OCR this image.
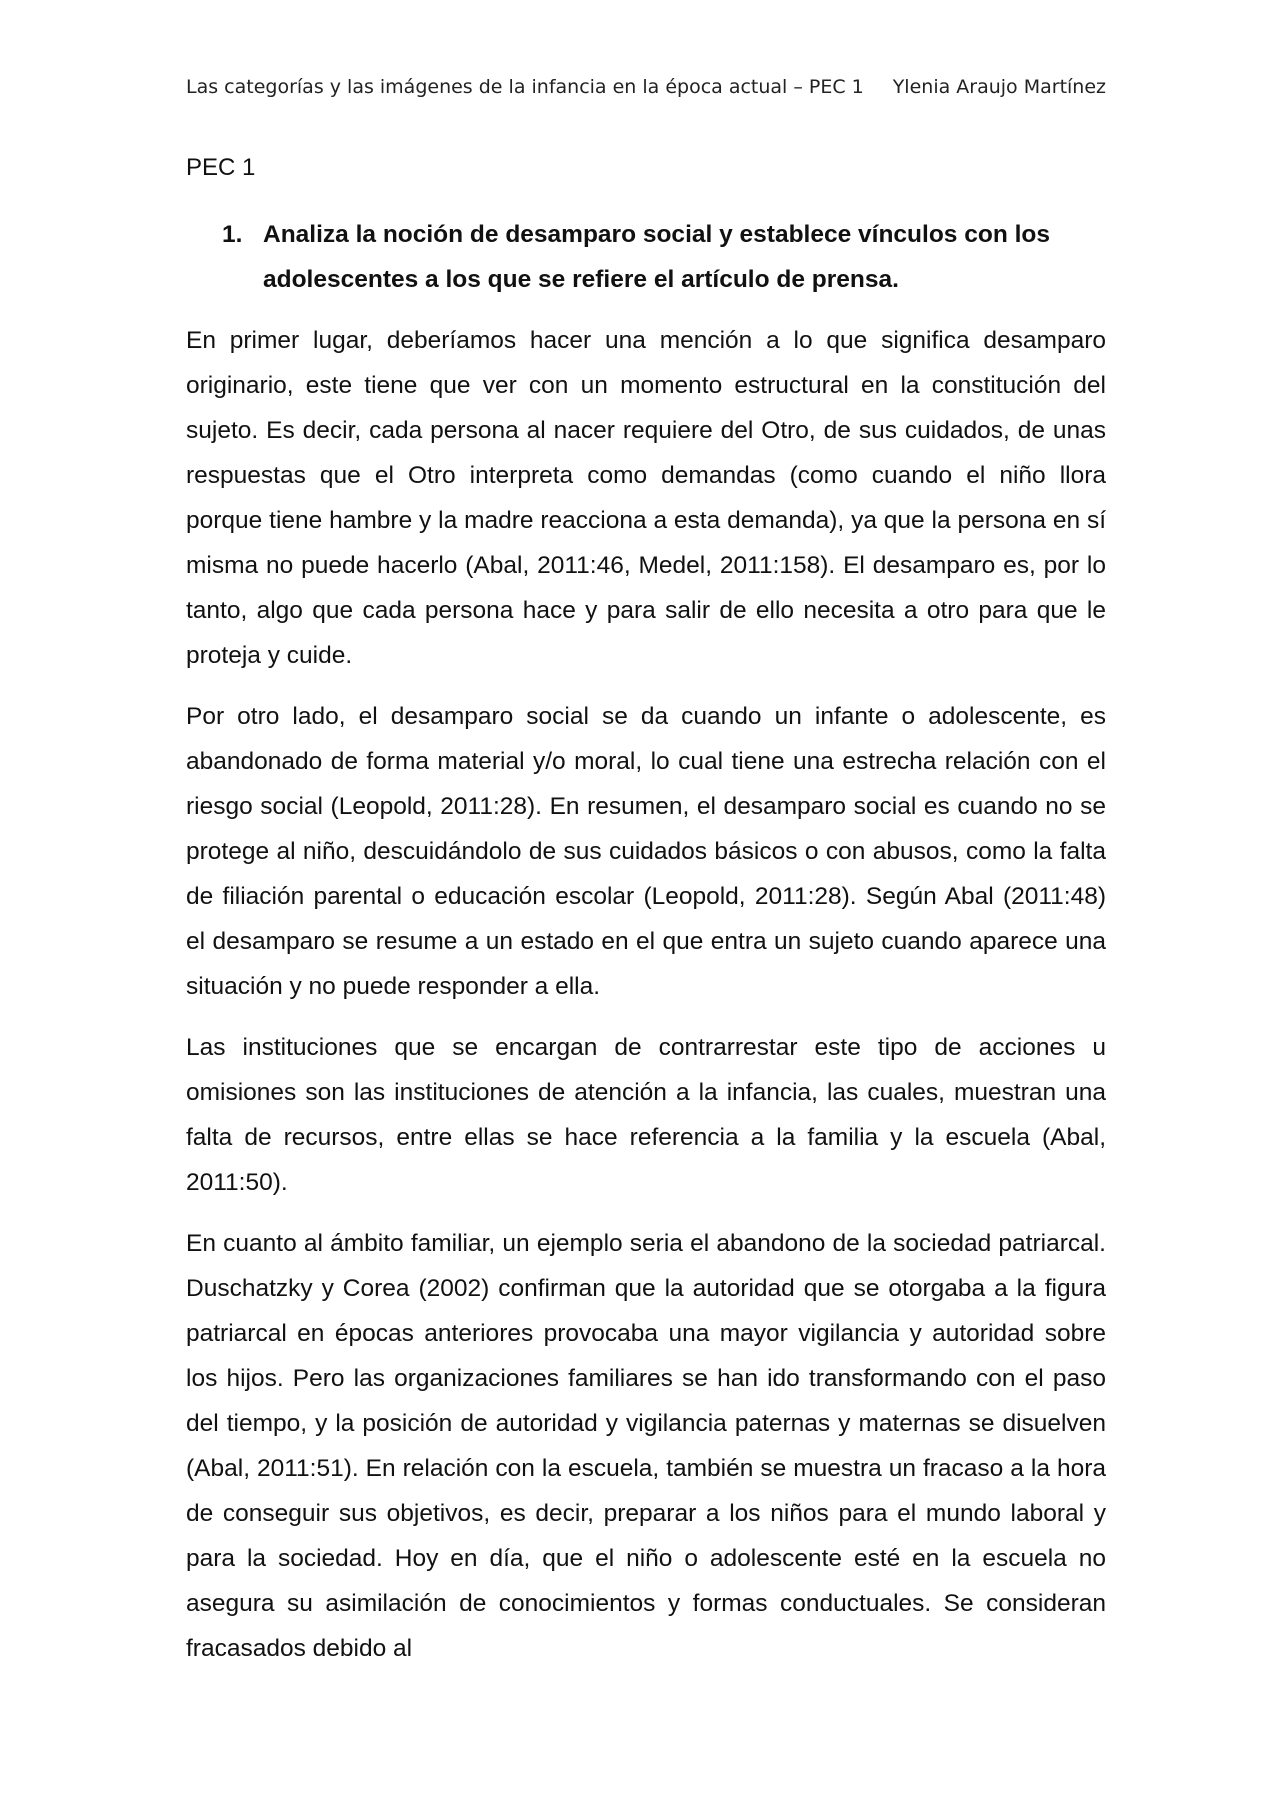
Las categorías y las imágenes de la infancia en la época actual – PEC 1 Ylenia Araujo Martínez
PEC 1
1. Analiza la noción de desamparo social y establece vínculos con los adolescentes a los que se refiere el artículo de prensa.

En primer lugar, deberíamos hacer una mención a lo que significa desamparo originario, este tiene que ver con un momento estructural en la constitución del sujeto. Es decir, cada persona al nacer requiere del Otro, de sus cuidados, de unas respuestas que el Otro interpreta como demandas (como cuando el niño llora porque tiene hambre y la madre reacciona a esta demanda), ya que la persona en sí misma no puede hacerlo (Abal, 2011:46, Medel, 2011:158). El desamparo es, por lo tanto, algo que cada persona hace y para salir de ello necesita a otro para que le proteja y cuide.

Por otro lado, el desamparo social se da cuando un infante o adolescente, es abandonado de forma material y/o moral, lo cual tiene una estrecha relación con el riesgo social (Leopold, 2011:28). En resumen, el desamparo social es cuando no se protege al niño, descuidándolo de sus cuidados básicos o con abusos, como la falta de filiación parental o educación escolar (Leopold, 2011:28). Según Abal (2011:48) el desamparo se resume a un estado en el que entra un sujeto cuando aparece una situación y no puede responder a ella.

Las instituciones que se encargan de contrarrestar este tipo de acciones u omisiones son las instituciones de atención a la infancia, las cuales, muestran una falta de recursos, entre ellas se hace referencia a la familia y la escuela (Abal, 2011:50).

En cuanto al ámbito familiar, un ejemplo seria el abandono de la sociedad patriarcal. Duschatzky y Corea (2002) confirman que la autoridad que se otorgaba a la figura patriarcal en épocas anteriores provocaba una mayor vigilancia y autoridad sobre los hijos. Pero las organizaciones familiares se han ido transformando con el paso del tiempo, y la posición de autoridad y vigilancia paternas y maternas se disuelven (Abal, 2011:51). En relación con la escuela, también se muestra un fracaso a la hora de conseguir sus objetivos, es decir, preparar a los niños para el mundo laboral y para la sociedad. Hoy en día, que el niño o adolescente esté en la escuela no asegura su asimilación de conocimientos y formas conductuales. Se consideran fracasados debido al
